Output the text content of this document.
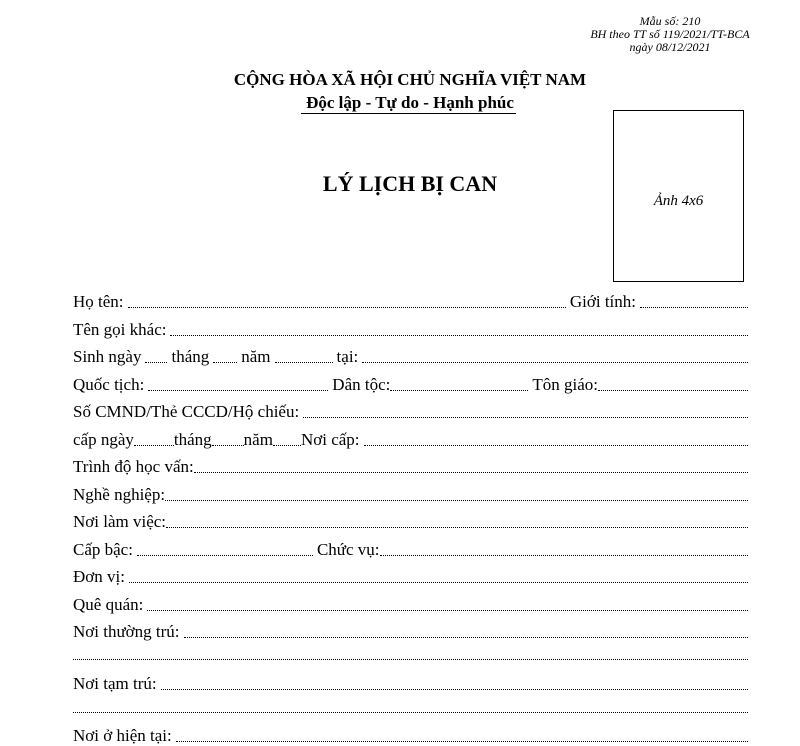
Mẫu số: 210
BH theo TT số 119/2021/TT-BCA
ngày 08/12/2021
CỘNG HÒA XÃ HỘI CHỦ NGHĨA VIỆT NAM
Độc lập - Tự do - Hạnh phúc
LÝ LỊCH BỊ CAN
Ảnh 4x6
Họ tên:	Giới tính:
Tên gọi khác:
Sinh ngày tháng năm	tại:
Quốc tịch:	Dân tộc:	Tôn giáo:
Số CMND/Thẻ CCCD/Hộ chiếu:
cấp ngày tháng năm Nơi cấp:
Trình độ học vấn:
Nghề nghiệp:
Nơi làm việc:
Cấp bậc:	Chức vụ:
Đơn vị:
Quê quán:
Nơi thường trú:
Nơi tạm trú:
Nơi ở hiện tại:
